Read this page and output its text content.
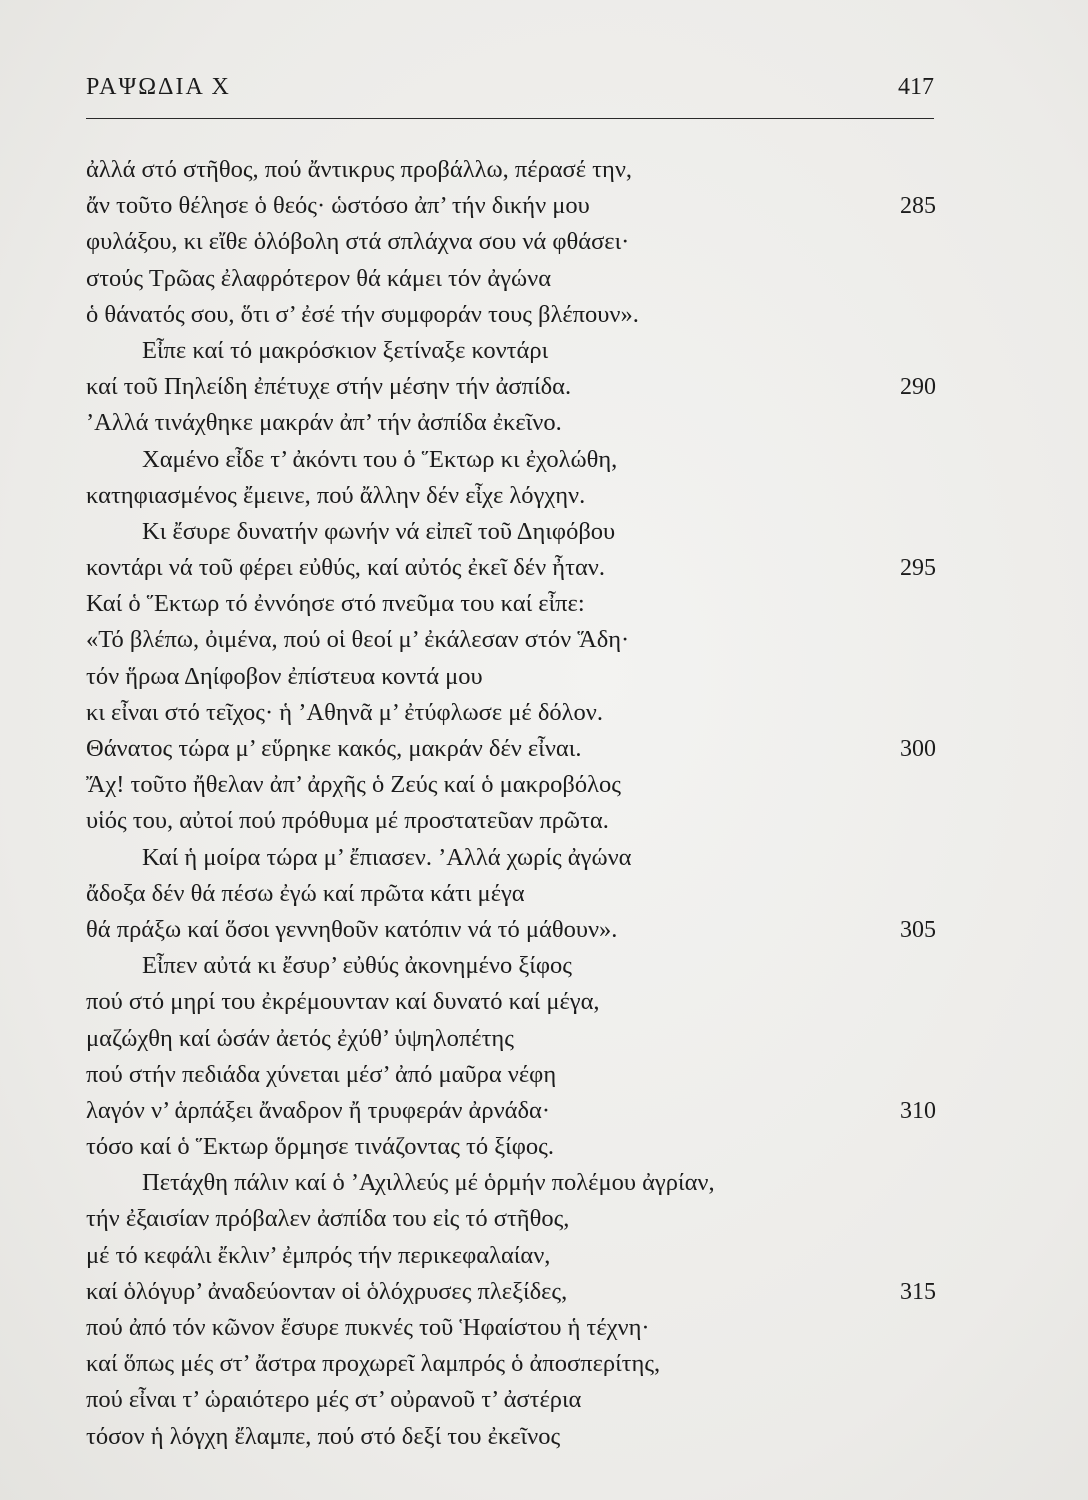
ΡΑΨΩΔΙΑ Χ	417
ἀλλά στό στῆθος, πού ἄντικρυς προβάλλω, πέρασέ την,
ἄν τοῦτο θέλησε ὁ θεός· ὡστόσο ἀπ’ τήν δικήν μου	285
φυλάξου, κι εἴθε ὁλόβολη στά σπλάχνα σου νά φθάσει·
στούς Τρῶας ἐλαφρότερον θά κάμει τόν ἀγώνα
ὁ θάνατός σου, ὅτι σ’ ἐσέ τήν συμφοράν τους βλέπουν».
Εἶπε καί τό μακρόσκιον ξετίναξε κοντάρι
καί τοῦ Πηλείδη ἐπέτυχε στήν μέσην τήν ἀσπίδα.	290
’Αλλά τινάχθηκε μακράν ἀπ’ τήν ἀσπίδα ἐκεῖνο.
Χαμένο εἶδε τ’ ἀκόντι του ὁ Ἕκτωρ κι ἐχολώθη,
κατηφιασμένος ἔμεινε, πού ἄλλην δέν εἶχε λόγχην.
Κι ἔσυρε δυνατήν φωνήν νά εἰπεῖ τοῦ Δηιφόβου
κοντάρι νά τοῦ φέρει εὐθύς, καί αὐτός ἐκεῖ δέν ἦταν.	295
Καί ὁ Ἕκτωρ τό ἐννόησε στό πνεῦμα του καί εἶπε:
«Τό βλέπω, ὀιμένα, πού οἱ θεοί μ’ ἐκάλεσαν στόν Ἅδη·
τόν ἥρωα Δηίφοβον ἐπίστευα κοντά μου
κι εἶναι στό τεῖχος· ἡ ’Αθηνᾶ μ’ ἐτύφλωσε μέ δόλον.
Θάνατος τώρα μ’ εὕρηκε κακός, μακράν δέν εἶναι.	300
Ἄχ! τοῦτο ἤθελαν ἀπ’ ἀρχῆς ὁ Ζεύς καί ὁ μακροβόλος
υἱός του, αὐτοί πού πρόθυμα μέ προστατεῦαν πρῶτα.
Καί ἡ μοίρα τώρα μ’ ἔπιασεν. ’Αλλά χωρίς ἀγώνα
ἄδοξα δέν θά πέσω ἐγώ καί πρῶτα κάτι μέγα
θά πράξω καί ὅσοι γεννηθοῦν κατόπιν νά τό μάθουν».	305
Εἶπεν αὐτά κι ἔσυρ’ εὐθύς ἀκονημένο ξίφος
πού στό μηρί του ἐκρέμουνταν καί δυνατό καί μέγα,
μαζώχθη καί ὡσάν ἀετός ἐχύθ’ ὑψηλοπέτης
πού στήν πεδιάδα χύνεται μέσ’ ἀπό μαῦρα νέφη
λαγόν ν’ ἁρπάξει ἄναδρον ἤ τρυφεράν ἀρνάδα·	310
τόσο καί ὁ Ἕκτωρ ὅρμησε τινάζοντας τό ξίφος.
Πετάχθη πάλιν καί ὁ ’Αχιλλεύς μέ ὁρμήν πολέμου ἀγρίαν,
τήν ἐξαισίαν πρόβαλεν ἀσπίδα του εἰς τό στῆθος,
μέ τό κεφάλι ἔκλιν’ ἐμπρός τήν περικεφαλαίαν,
καί ὁλόγυρ’ ἀναδεύονταν οἱ ὁλόχρυσες πλεξίδες,	315
πού ἀπό τόν κῶνον ἔσυρε πυκνές τοῦ Ἡφαίστου ἡ τέχνη·
καί ὅπως μές στ’ ἄστρα προχωρεῖ λαμπρός ὁ ἀποσπερίτης,
πού εἶναι τ’ ὡραιότερο μές στ’ οὐρανοῦ τ’ ἀστέρια
τόσον ἡ λόγχη ἔλαμπε, πού στό δεξί του ἐκεῖνος
